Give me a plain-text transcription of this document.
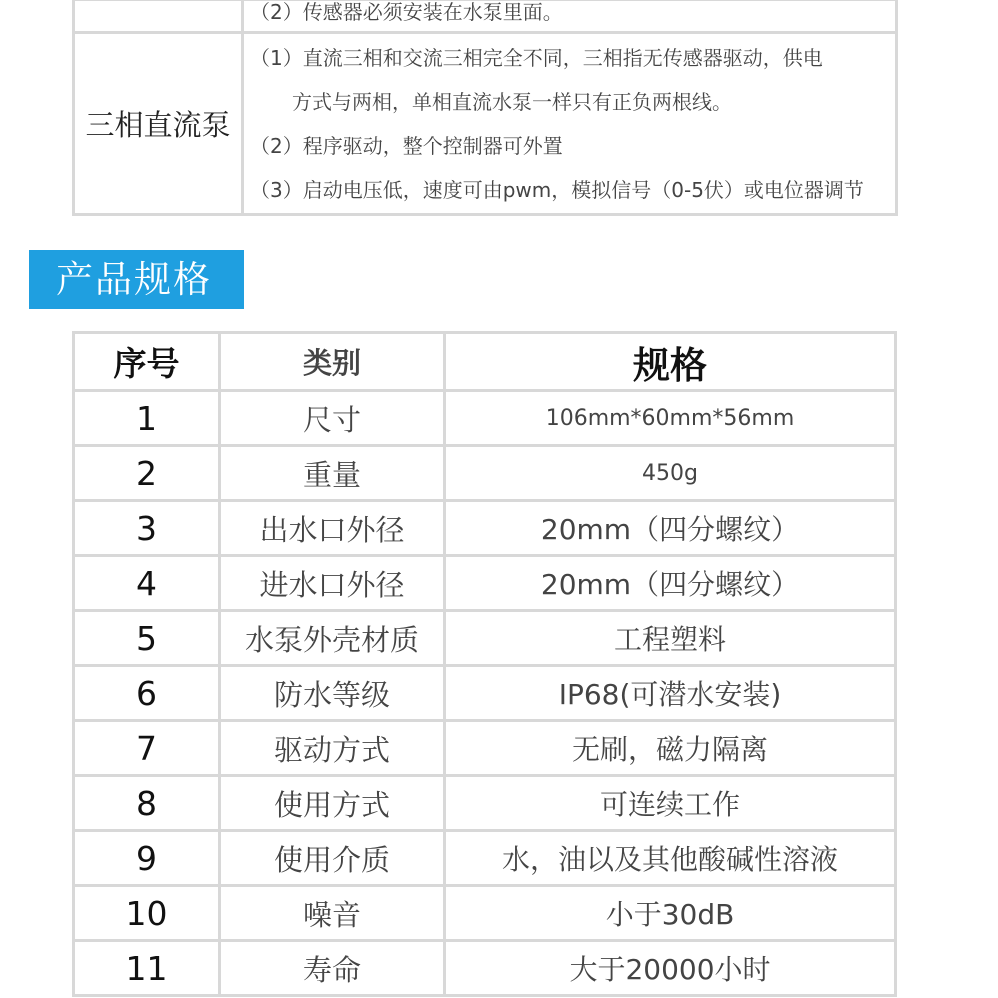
	（2）传感器必须安装在水泵里面。

三相直流泵	（1）直流三相和交流三相完全不同，三相指无传感器驱动，供电
方式与两相，单相直流水泵一样只有正负两根线。
（2）程序驱动，整个控制器可外置
（3）启动电压低，速度可由pwm，模拟信号（0-5伏）或电位器调节
产品规格
序号	类别	规格
1	尺寸	106mm*60mm*56mm
2	重量	450g
3	出水口外径	20mm（四分螺纹）
4	进水口外径	20mm（四分螺纹）
5	水泵外壳材质	工程塑料
6	防水等级	IP68(可潜水安装)
7	驱动方式	无刷，磁力隔离
8	使用方式	可连续工作
9	使用介质	水，油以及其他酸碱性溶液
10	噪音	小于30dB
11	寿命	大于20000小时
